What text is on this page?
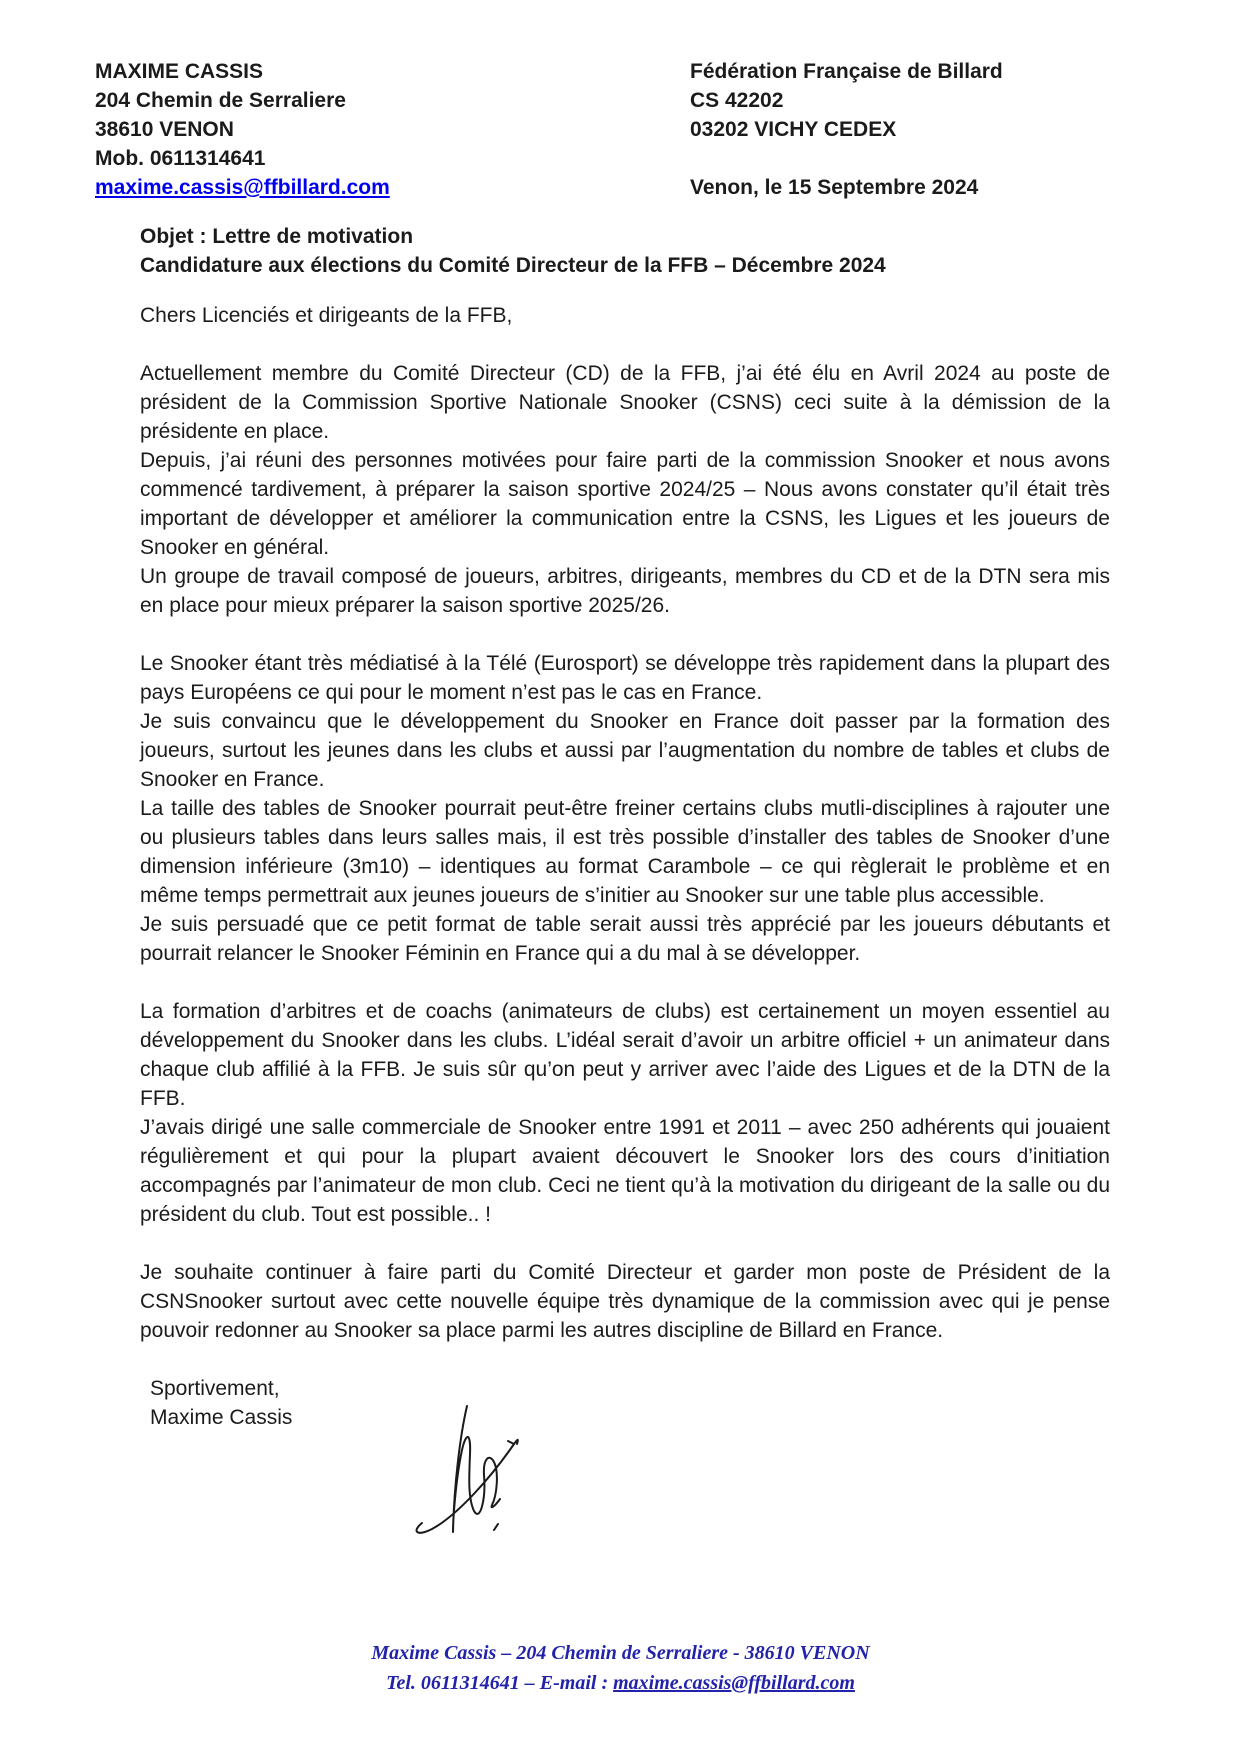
MAXIME CASSIS
204 Chemin de Serraliere
38610 VENON
Mob. 0611314641
maxime.cassis@ffbillard.com
Fédération Française de Billard
CS 42202
03202 VICHY CEDEX
Venon, le 15 Septembre 2024
Objet : Lettre de motivation
Candidature aux élections du Comité Directeur de la FFB – Décembre 2024

Chers Licenciés et dirigeants de la FFB,

Actuellement membre du Comité Directeur (CD) de la FFB, j’ai été élu en Avril 2024 au poste de président de la Commission Sportive Nationale Snooker (CSNS) ceci suite à la démission de la présidente en place.

Depuis, j’ai réuni des personnes motivées pour faire parti de la commission Snooker et nous avons commencé tardivement, à préparer la saison sportive 2024/25 – Nous avons constater qu’il était très important de développer et améliorer la communication entre la CSNS, les Ligues et les joueurs de Snooker en général.

Un groupe de travail composé de joueurs, arbitres, dirigeants, membres du CD et de la DTN sera mis en place pour mieux préparer la saison sportive 2025/26.

Le Snooker étant très médiatisé à la Télé (Eurosport) se développe très rapidement dans la plupart des pays Européens ce qui pour le moment n’est pas le cas en France.

Je suis convaincu que le développement du Snooker en France doit passer par la formation des joueurs, surtout les jeunes dans les clubs et aussi par l’augmentation du nombre de tables et clubs de Snooker en France.

La taille des tables de Snooker pourrait peut-être freiner certains clubs mutli-disciplines à rajouter une ou plusieurs tables dans leurs salles mais, il est très possible d’installer des tables de Snooker d’une dimension inférieure (3m10) – identiques au format Carambole – ce qui règlerait le problème et en même temps permettrait aux jeunes joueurs de s’initier au Snooker sur une table plus accessible.

Je suis persuadé que ce petit format de table serait aussi très apprécié par les joueurs débutants et pourrait relancer le Snooker Féminin en France qui a du mal à se développer.

La formation d’arbitres et de coachs (animateurs de clubs) est certainement un moyen essentiel au développement du Snooker dans les clubs. L’idéal serait d’avoir un arbitre officiel + un animateur dans chaque club affilié à la FFB. Je suis sûr qu’on peut y arriver avec l’aide des Ligues et de la DTN de la FFB.

J’avais dirigé une salle commerciale de Snooker entre 1991 et 2011 – avec 250 adhérents qui jouaient régulièrement et qui pour la plupart avaient découvert le Snooker lors des cours d’initiation accompagnés par l’animateur de mon club. Ceci ne tient qu’à la motivation du dirigeant de la salle ou du président du club. Tout est possible.. !

Je souhaite continuer à faire parti du Comité Directeur et garder mon poste de Président de la CSNSnooker surtout avec cette nouvelle équipe très dynamique de la commission avec qui je pense pouvoir redonner au Snooker sa place parmi les autres discipline de Billard en France.

Sportivement,
Maxime Cassis
Maxime Cassis – 204 Chemin de Serraliere - 38610 VENON
Tel. 0611314641 – E-mail : maxime.cassis@ffbillard.com
